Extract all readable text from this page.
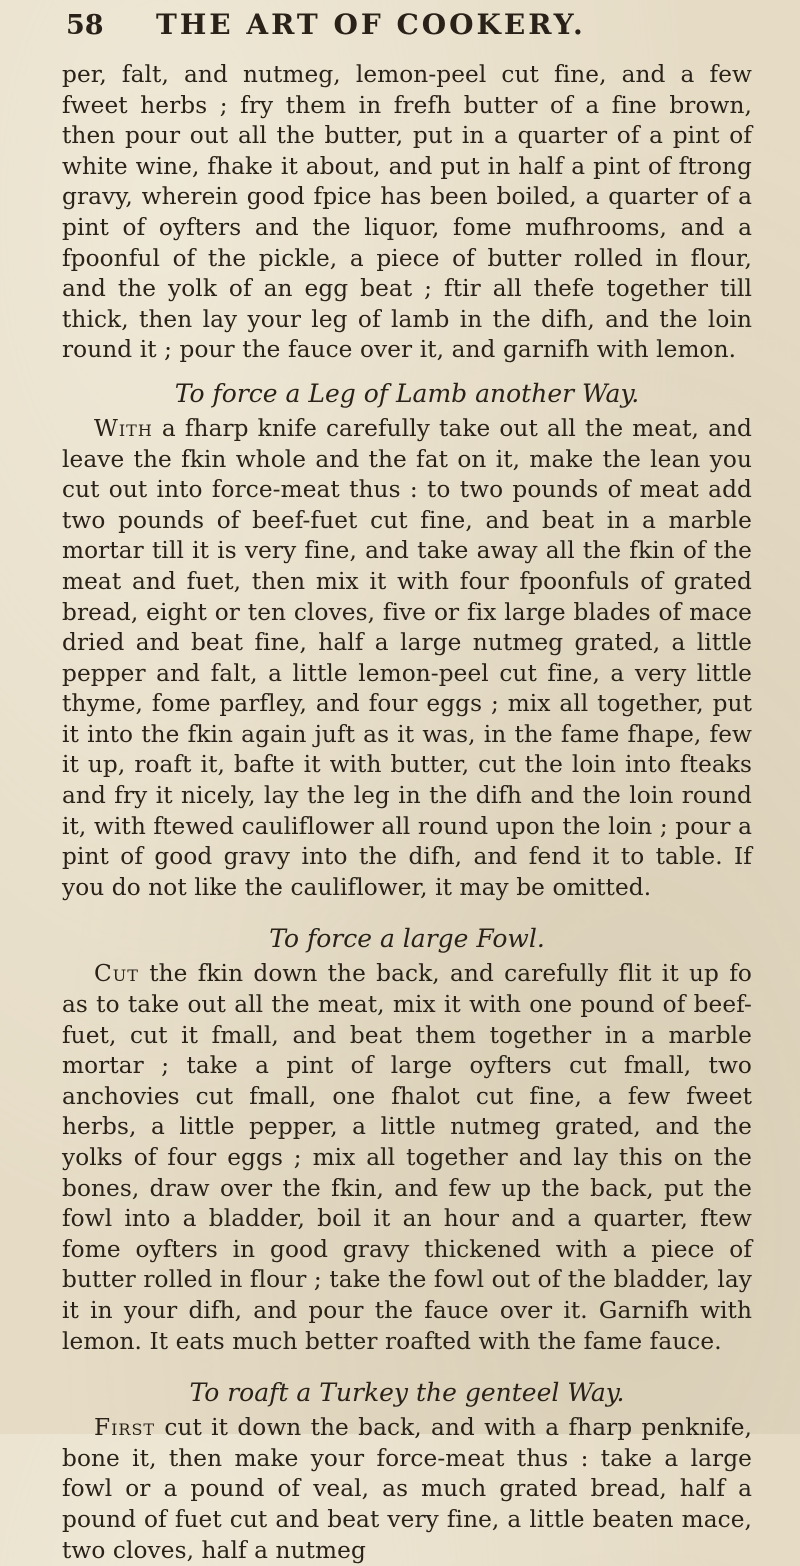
58	THE ART OF COOKERY.

per, falt, and nutmeg, lemon-peel cut fine, and a few fweet herbs ; fry them in frefh butter of a fine brown, then pour out all the butter, put in a quarter of a pint of white wine, fhake it about, and put in half a pint of ftrong gravy, wherein good fpice has been boiled, a quarter of a pint of oyfters and the liquor, fome mufhrooms, and a fpoonful of the pickle, a piece of butter rolled in flour, and the yolk of an egg beat ; ftir all thefe together till thick, then lay your leg of lamb in the difh, and the loin round it ; pour the fauce over it, and garnifh with lemon.

To force a Leg of Lamb another Way.

With a fharp knife carefully take out all the meat, and leave the fkin whole and the fat on it, make the lean you cut out into force-meat thus : to two pounds of meat add two pounds of beef-fuet cut fine, and beat in a marble mortar till it is very fine, and take away all the fkin of the meat and fuet, then mix it with four fpoonfuls of grated bread, eight or ten cloves, five or fix large blades of mace dried and beat fine, half a large nutmeg grated, a little pepper and falt, a little lemon-peel cut fine, a very little thyme, fome parfley, and four eggs ; mix all together, put it into the fkin again juft as it was, in the fame fhape, few it up, roaft it, bafte it with butter, cut the loin into fteaks and fry it nicely, lay the leg in the difh and the loin round it, with ftewed cauliflower all round upon the loin ; pour a pint of good gravy into the difh, and fend it to table. If you do not like the cauliflower, it may be omitted.

To force a large Fowl.

Cut the fkin down the back, and carefully flit it up fo as to take out all the meat, mix it with one pound of beef-fuet, cut it fmall, and beat them together in a marble mortar ; take a pint of large oyfters cut fmall, two anchovies cut fmall, one fhalot cut fine, a few fweet herbs, a little pepper, a little nutmeg grated, and the yolks of four eggs ; mix all together and lay this on the bones, draw over the fkin, and few up the back, put the fowl into a bladder, boil it an hour and a quarter, ftew fome oyfters in good gravy thickened with a piece of butter rolled in flour ; take the fowl out of the bladder, lay it in your difh, and pour the fauce over it. Garnifh with lemon. It eats much better roafted with the fame fauce.

To roaft a Turkey the genteel Way.

First cut it down the back, and with a fharp penknife, bone it, then make your force-meat thus : take a large fowl or a pound of veal, as much grated bread, half a pound of fuet cut and beat very fine, a little beaten mace, two cloves, half a nutmeg
